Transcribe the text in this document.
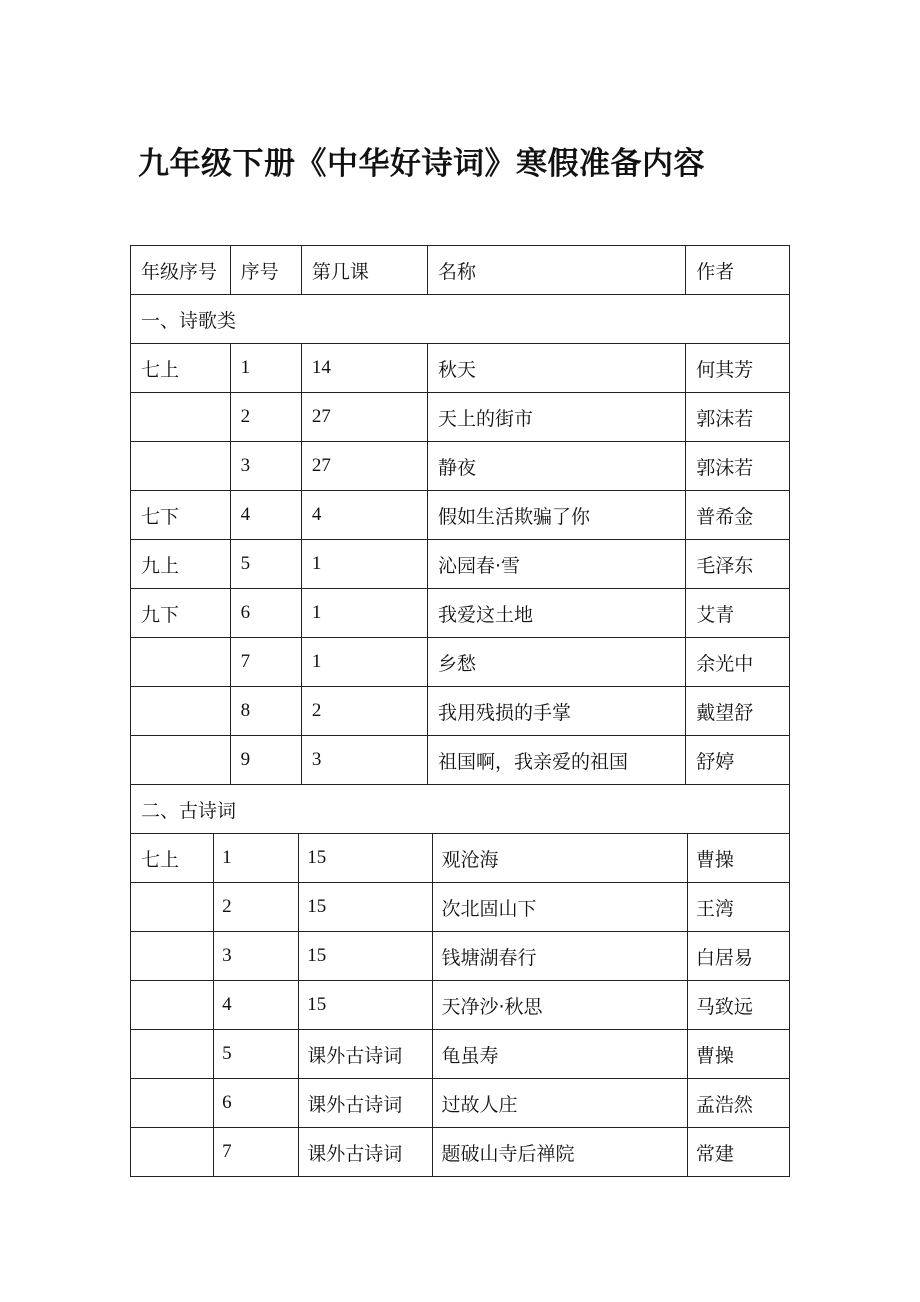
九年级下册《中华好诗词》寒假准备内容
年级序号	序号	第几课	名称	作者
一、诗歌类				
七上	1	14	秋天	何其芳
	2	27	天上的街市	郭沫若
	3	27	静夜	郭沫若
七下	4	4	假如生活欺骗了你	普希金
九上	5	1	沁园春·雪	毛泽东
九下	6	1	我爱这土地	艾青
	7	1	乡愁	余光中
	8	2	我用残损的手掌	戴望舒
	9	3	祖国啊，我亲爱的祖国	舒婷
二、古诗词				
七上	1	15	观沧海	曹操
	2	15	次北固山下	王湾
	3	15	钱塘湖春行	白居易
	4	15	天净沙·秋思	马致远
	5	课外古诗词	龟虽寿	曹操
	6	课外古诗词	过故人庄	孟浩然
	7	课外古诗词	题破山寺后禅院	常建
